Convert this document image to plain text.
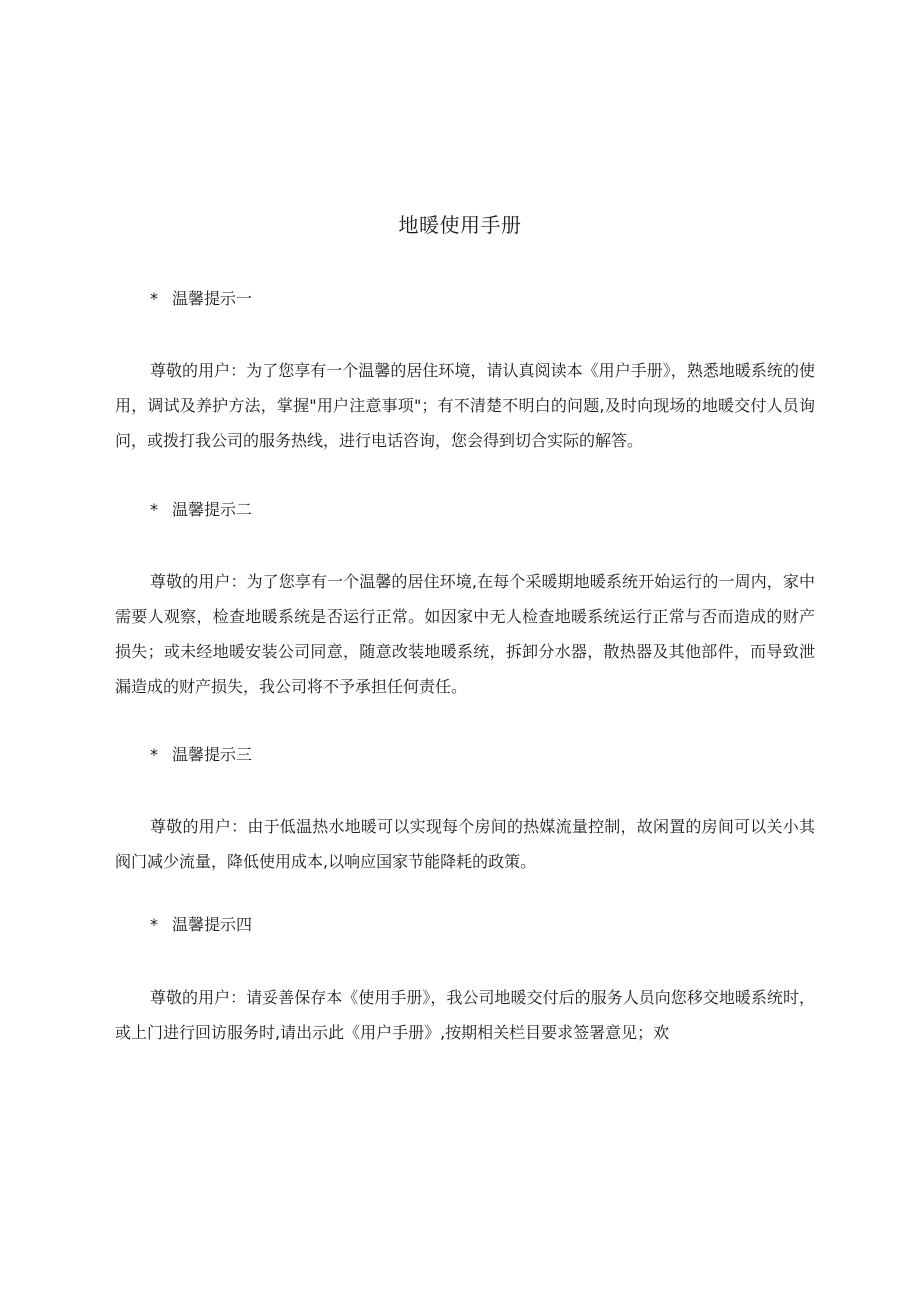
地暖使用手册
* 温馨提示一
尊敬的用户：为了您享有一个温馨的居住环境，请认真阅读本《用户手册》，熟悉地暖系统的使用，调试及养护方法，掌握"用户注意事项"；有不清楚不明白的问题,及时向现场的地暖交付人员询问，或拨打我公司的服务热线，进行电话咨询，您会得到切合实际的解答。
* 温馨提示二
尊敬的用户：为了您享有一个温馨的居住环境,在每个采暖期地暖系统开始运行的一周内，家中需要人观察，检查地暖系统是否运行正常。如因家中无人检查地暖系统运行正常与否而造成的财产损失；或未经地暖安装公司同意，随意改装地暖系统，拆卸分水器，散热器及其他部件，而导致泄漏造成的财产损失，我公司将不予承担任何责任。
* 温馨提示三
尊敬的用户：由于低温热水地暖可以实现每个房间的热媒流量控制，故闲置的房间可以关小其阀门减少流量，降低使用成本,以响应国家节能降耗的政策。
* 温馨提示四
尊敬的用户：请妥善保存本《使用手册》，我公司地暖交付后的服务人员向您移交地暖系统时，或上门进行回访服务时,请出示此《用户手册》,按期相关栏目要求签署意见；欢
